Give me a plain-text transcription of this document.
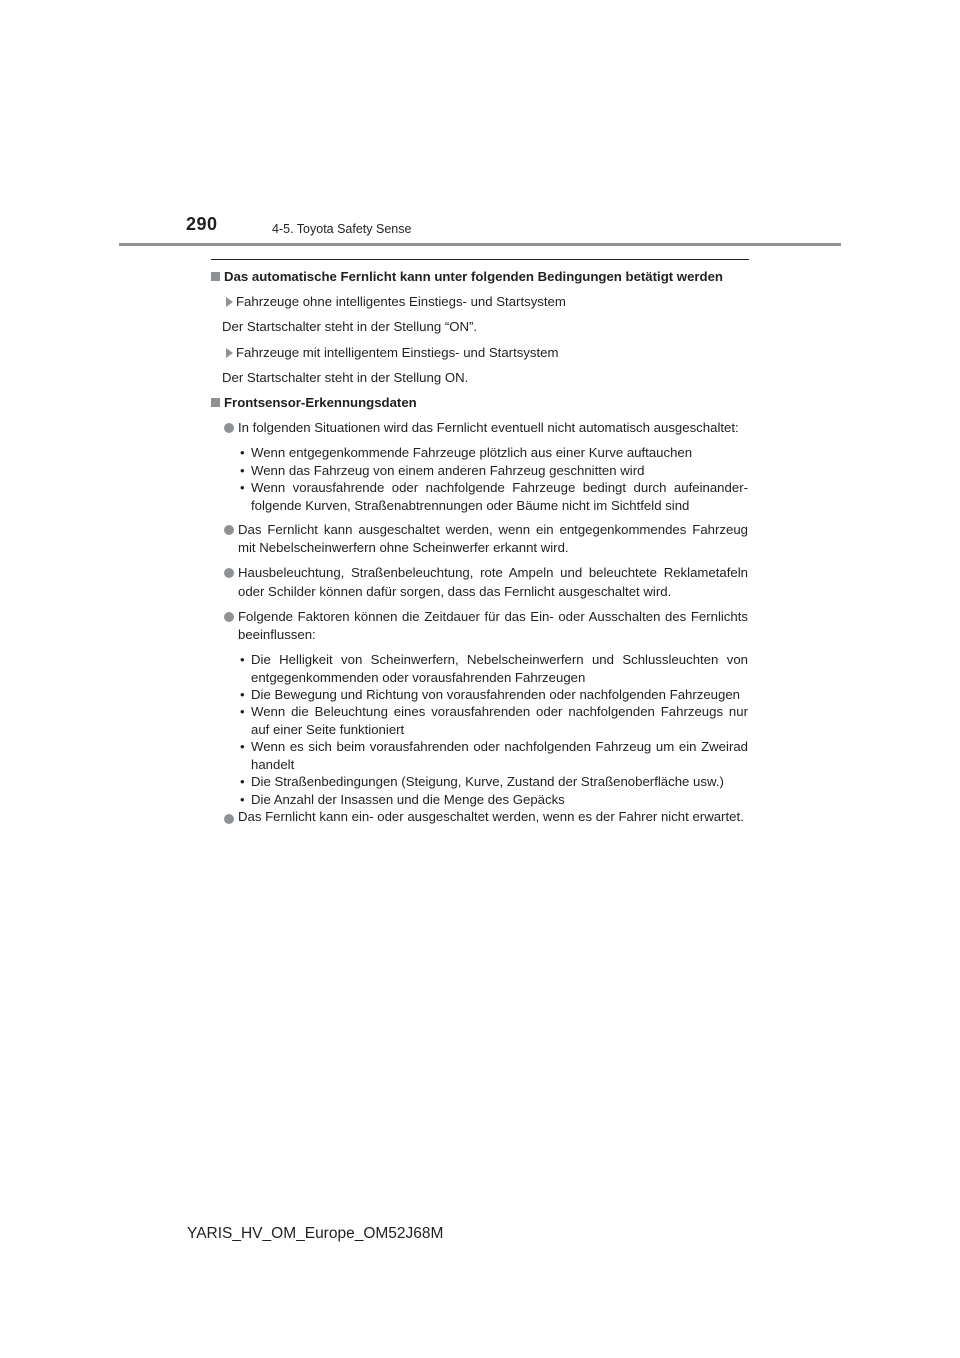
290	4-5. Toyota Safety Sense
Das automatische Fernlicht kann unter folgenden Bedingungen betätigt werden
Fahrzeuge ohne intelligentes Einstiegs- und Startsystem
Der Startschalter steht in der Stellung “ON”.
Fahrzeuge mit intelligentem Einstiegs- und Startsystem
Der Startschalter steht in der Stellung ON.
Frontsensor-Erkennungsdaten
In folgenden Situationen wird das Fernlicht eventuell nicht automatisch ausgeschaltet:
• Wenn entgegenkommende Fahrzeuge plötzlich aus einer Kurve auftauchen
• Wenn das Fahrzeug von einem anderen Fahrzeug geschnitten wird
• Wenn vorausfahrende oder nachfolgende Fahrzeuge bedingt durch aufeinanderfolgende Kurven, Straßenabtrennungen oder Bäume nicht im Sichtfeld sind
Das Fernlicht kann ausgeschaltet werden, wenn ein entgegenkommendes Fahrzeug mit Nebelscheinwerfern ohne Scheinwerfer erkannt wird.
Hausbeleuchtung, Straßenbeleuchtung, rote Ampeln und beleuchtete Reklametafeln oder Schilder können dafür sorgen, dass das Fernlicht ausgeschaltet wird.
Folgende Faktoren können die Zeitdauer für das Ein- oder Ausschalten des Fernlichts beeinflussen:
• Die Helligkeit von Scheinwerfern, Nebelscheinwerfern und Schlussleuchten von entgegenkommenden oder vorausfahrenden Fahrzeugen
• Die Bewegung und Richtung von vorausfahrenden oder nachfolgenden Fahrzeugen
• Wenn die Beleuchtung eines vorausfahrenden oder nachfolgenden Fahrzeugs nur auf einer Seite funktioniert
• Wenn es sich beim vorausfahrenden oder nachfolgenden Fahrzeug um ein Zweirad handelt
• Die Straßenbedingungen (Steigung, Kurve, Zustand der Straßenoberfläche usw.)
• Die Anzahl der Insassen und die Menge des Gepäcks
Das Fernlicht kann ein- oder ausgeschaltet werden, wenn es der Fahrer nicht erwartet.
YARIS_HV_OM_Europe_OM52J68M
